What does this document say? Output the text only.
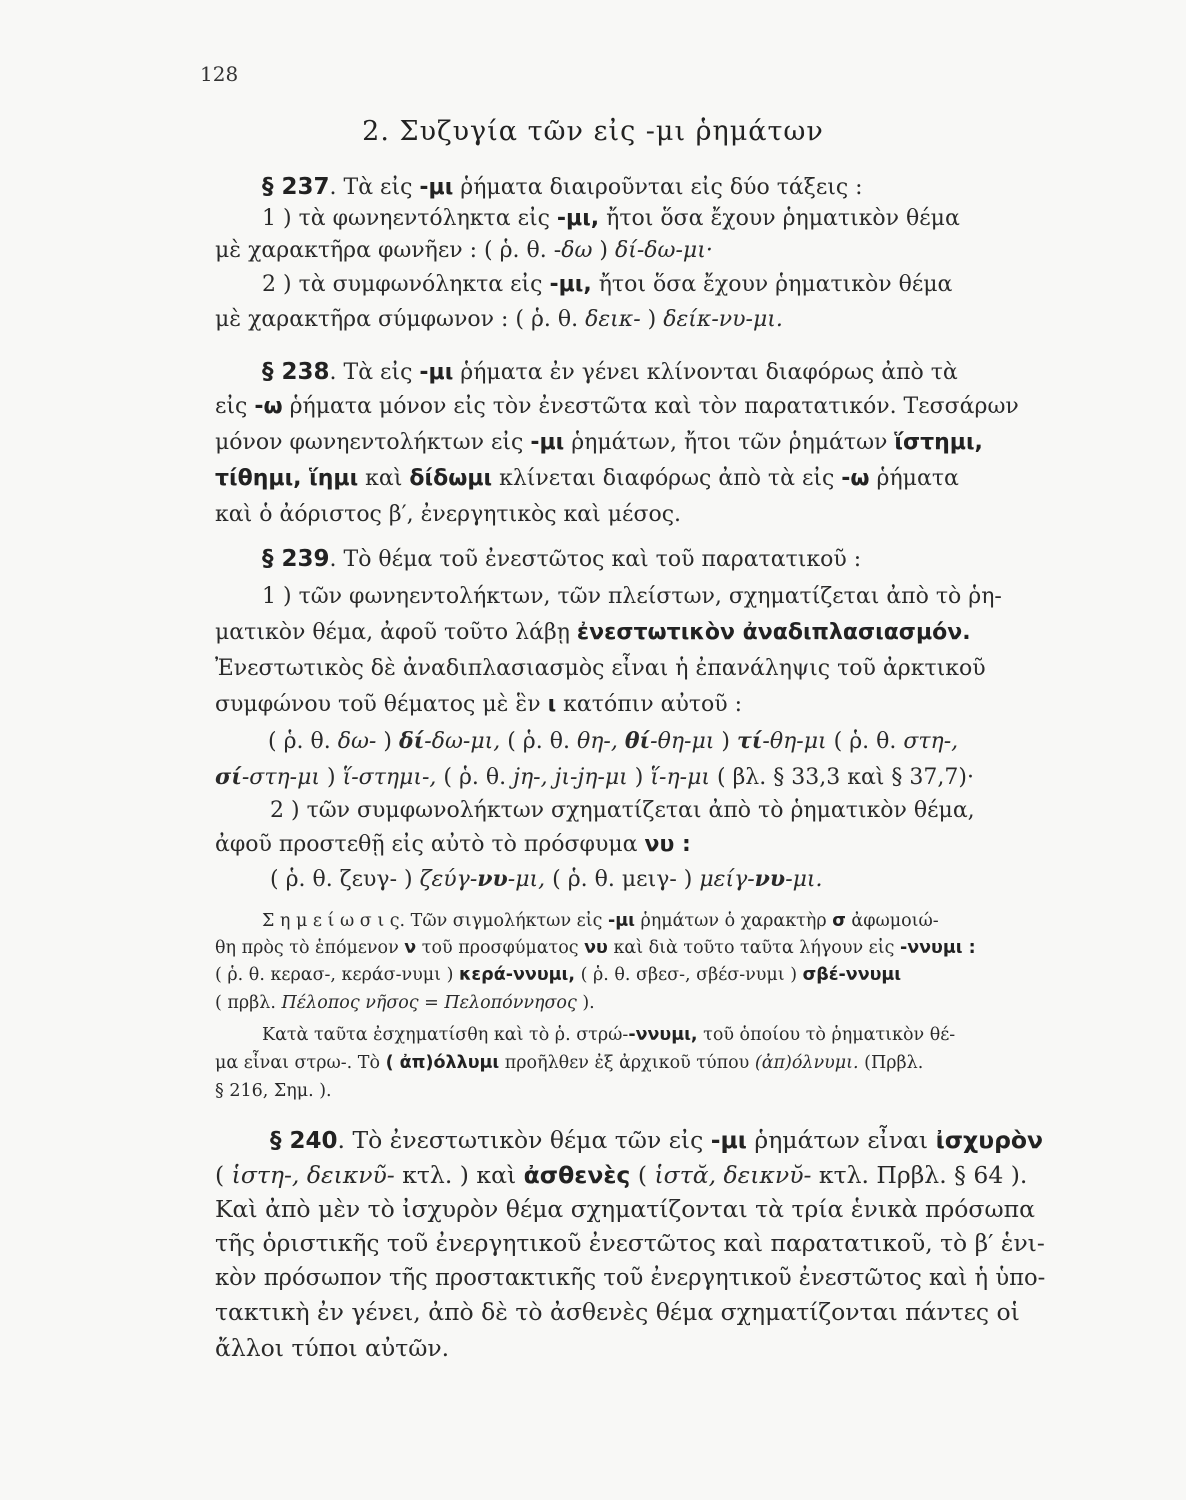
128
2. Συζυγία τῶν εἰς -μι ῥημάτων
§ 237. Τὰ εἰς -μι ῥήματα διαιροῦνται εἰς δύο τάξεις :
1 ) τὰ φωνηεντόληκτα εἰς -μι, ἤτοι ὅσα ἔχουν ῥηματικὸν θέμα
μὲ χαρακτῆρα φωνῆεν : ( ῥ. θ. -δω ) δί-δω-μι·
2 ) τὰ συμφωνόληκτα εἰς -μι, ἤτοι ὅσα ἔχουν ῥηματικὸν θέμα
μὲ χαρακτῆρα σύμφωνον : ( ῥ. θ. δεικ- ) δείκ-νυ-μι.
§ 238. Τὰ εἰς -μι ῥήματα ἐν γένει κλίνονται διαφόρως ἀπὸ τὰ
εἰς -ω ῥήματα μόνον εἰς τὸν ἐνεστῶτα καὶ τὸν παρατατικόν. Τεσσάρων
μόνον φωνηεντολήκτων εἰς -μι ῥημάτων, ἤτοι τῶν ῥημάτων ἵστημι,
τίθημι, ἵημι καὶ δίδωμι κλίνεται διαφόρως ἀπὸ τὰ εἰς -ω ῥήματα
καὶ ὁ ἀόριστος β′, ἐνεργητικὸς καὶ μέσος.
§ 239. Τὸ θέμα τοῦ ἐνεστῶτος καὶ τοῦ παρατατικοῦ :
1 ) τῶν φωνηεντολήκτων, τῶν πλείστων, σχηματίζεται ἀπὸ τὸ ῥη-
ματικὸν θέμα, ἀφοῦ τοῦτο λάβῃ ἐνεστωτικὸν ἀναδιπλασιασμόν.
Ἐνεστωτικὸς δὲ ἀναδιπλασιασμὸς εἶναι ἡ ἐπανάληψις τοῦ ἀρκτικοῦ
συμφώνου τοῦ θέματος μὲ ἓν ι κατόπιν αὐτοῦ :
( ῥ. θ. δω- ) δί-δω-μι, ( ῥ. θ. θη-, θί-θη-μι ) τί-θη-μι ( ῥ. θ. στη-,
σί-στη-μι ) ἵ-στημι-, ( ῥ. θ. jη-, jι-jη-μι ) ἵ-η-μι ( βλ. § 33,3 καὶ § 37,7)·
2 ) τῶν συμφωνολήκτων σχηματίζεται ἀπὸ τὸ ῥηματικὸν θέμα,
ἀφοῦ προστεθῇ εἰς αὐτὸ τὸ πρόσφυμα νυ :
( ῥ. θ. ζευγ- ) ζεύγ-νυ-μι, ( ῥ. θ. μειγ- ) μείγ-νυ-μι.
Σ η μ ε ί ω σ ι ς. Τῶν σιγμολήκτων εἰς -μι ῥημάτων ὁ χαρακτὴρ σ ἀφωμοιώ-
θη πρὸς τὸ ἑπόμενον ν τοῦ προσφύματος νυ καὶ διὰ τοῦτο ταῦτα λήγουν εἰς -ννυμι :
( ῥ. θ. κερασ-, κεράσ-νυμι ) κερά-ννυμι, ( ῥ. θ. σβεσ-, σβέσ-νυμι ) σβέ-ννυμι
( πρβλ. Πέλοπος νῆσος = Πελοπόννησος ).
Κατὰ ταῦτα ἐσχηματίσθη καὶ τὸ ῥ. στρώ--ννυμι, τοῦ ὁποίου τὸ ῥηματικὸν θέ-
μα εἶναι στρω-. Τὸ ( ἀπ)όλλυμι προῆλθεν ἐξ ἀρχικοῦ τύπου (ἀπ)όλνυμι. (Πρβλ.
§ 216, Σημ. ).
§ 240. Τὸ ἐνεστωτικὸν θέμα τῶν εἰς -μι ῥημάτων εἶναι ἰσχυρὸν
( ἱστη-, δεικνῦ- κτλ. ) καὶ ἀσθενὲς ( ἱστᾰ, δεικνῠ- κτλ. Πρβλ. § 64 ).
Καὶ ἀπὸ μὲν τὸ ἰσχυρὸν θέμα σχηματίζονται τὰ τρία ἑνικὰ πρόσωπα
τῆς ὁριστικῆς τοῦ ἐνεργητικοῦ ἐνεστῶτος καὶ παρατατικοῦ, τὸ β′ ἑνι-
κὸν πρόσωπον τῆς προστακτικῆς τοῦ ἐνεργητικοῦ ἐνεστῶτος καὶ ἡ ὑπο-
τακτικὴ ἐν γένει, ἀπὸ δὲ τὸ ἀσθενὲς θέμα σχηματίζονται πάντες οἱ
ἄλλοι τύποι αὐτῶν.
